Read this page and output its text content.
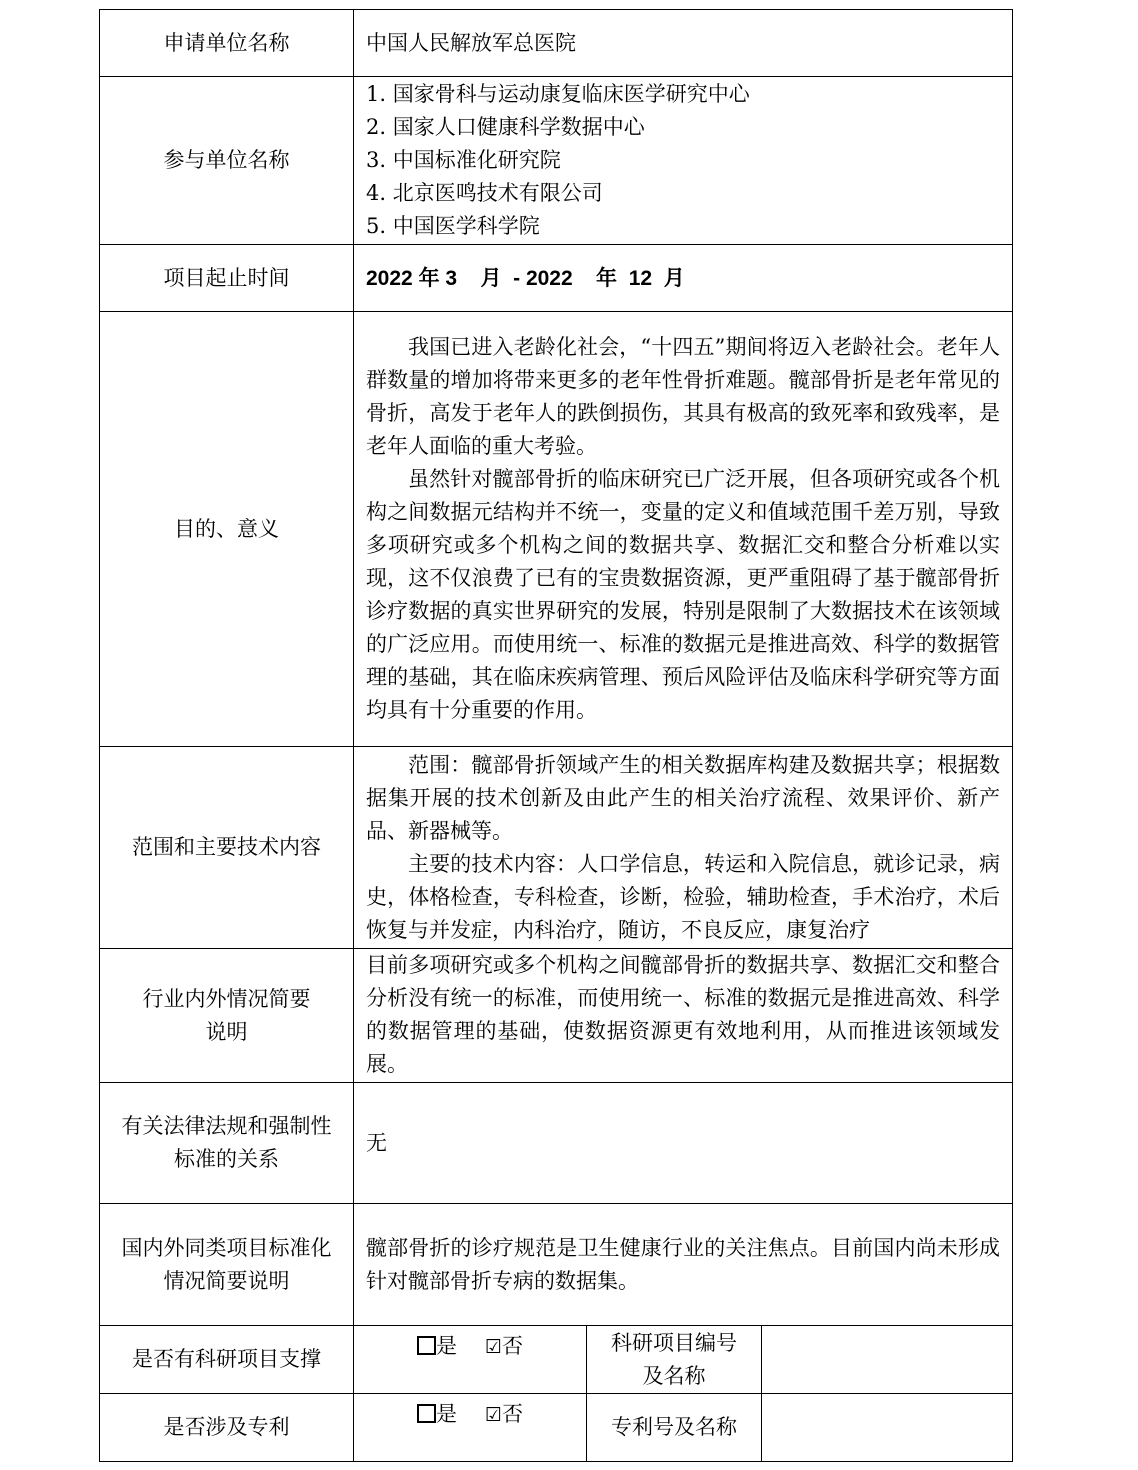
申请单位名称	中国人民解放军总医院		
参与单位名称	1. 国家骨科与运动康复临床医学研究中心
2. 国家人口健康科学数据中心
3. 中国标准化研究院
4. 北京医鸣技术有限公司
5. 中国医学科学院		

项目起止时间	2022 年 3 月 - 2022 年 12 月		
目的、意义	我国已进入老龄化社会，“十四五”期间将迈入老龄社会。老年人群数量的增加将带来更多的老年性骨折难题。髋部骨折是老年常见的骨折，高发于老年人的跌倒损伤，其具有极高的致死率和致残率，是老年人面临的重大考验。

虽然针对髋部骨折的临床研究已广泛开展，但各项研究或各个机构之间数据元结构并不统一，变量的定义和值域范围千差万别，导致多项研究或多个机构之间的数据共享、数据汇交和整合分析难以实现，这不仅浪费了已有的宝贵数据资源，更严重阻碍了基于髋部骨折诊疗数据的真实世界研究的发展，特别是限制了大数据技术在该领域的广泛应用。而使用统一、标准的数据元是推进高效、科学的数据管理的基础，其在临床疾病管理、预后风险评估及临床科学研究等方面均具有十分重要的作用。		

范围和主要技术内容	范围：髋部骨折领域产生的相关数据库构建及数据共享；根据数据集开展的技术创新及由此产生的相关治疗流程、效果评价、新产品、新器械等。

主要的技术内容：人口学信息，转运和入院信息，就诊记录，病史，体格检查，专科检查，诊断，检验，辅助检查，手术治疗，术后恢复与并发症，内科治疗，随访，不良反应，康复治疗		

行业内外情况简要
说明	目前多项研究或多个机构之间髋部骨折的数据共享、数据汇交和整合分析没有统一的标准，而使用统一、标准的数据元是推进高效、科学的数据管理的基础，使数据资源更有效地利用，从而推进该领域发展。		
有关法律法规和强制性
标准的关系	无		
国内外同类项目标准化
情况简要说明	髋部骨折的诊疗规范是卫生健康行业的关注焦点。目前国内尚未形成针对髋部骨折专病的数据集。		
是否有科研项目支撑	是 ☑否	科研项目编号
及名称	
是否涉及专利	是 ☑否	专利号及名称	
